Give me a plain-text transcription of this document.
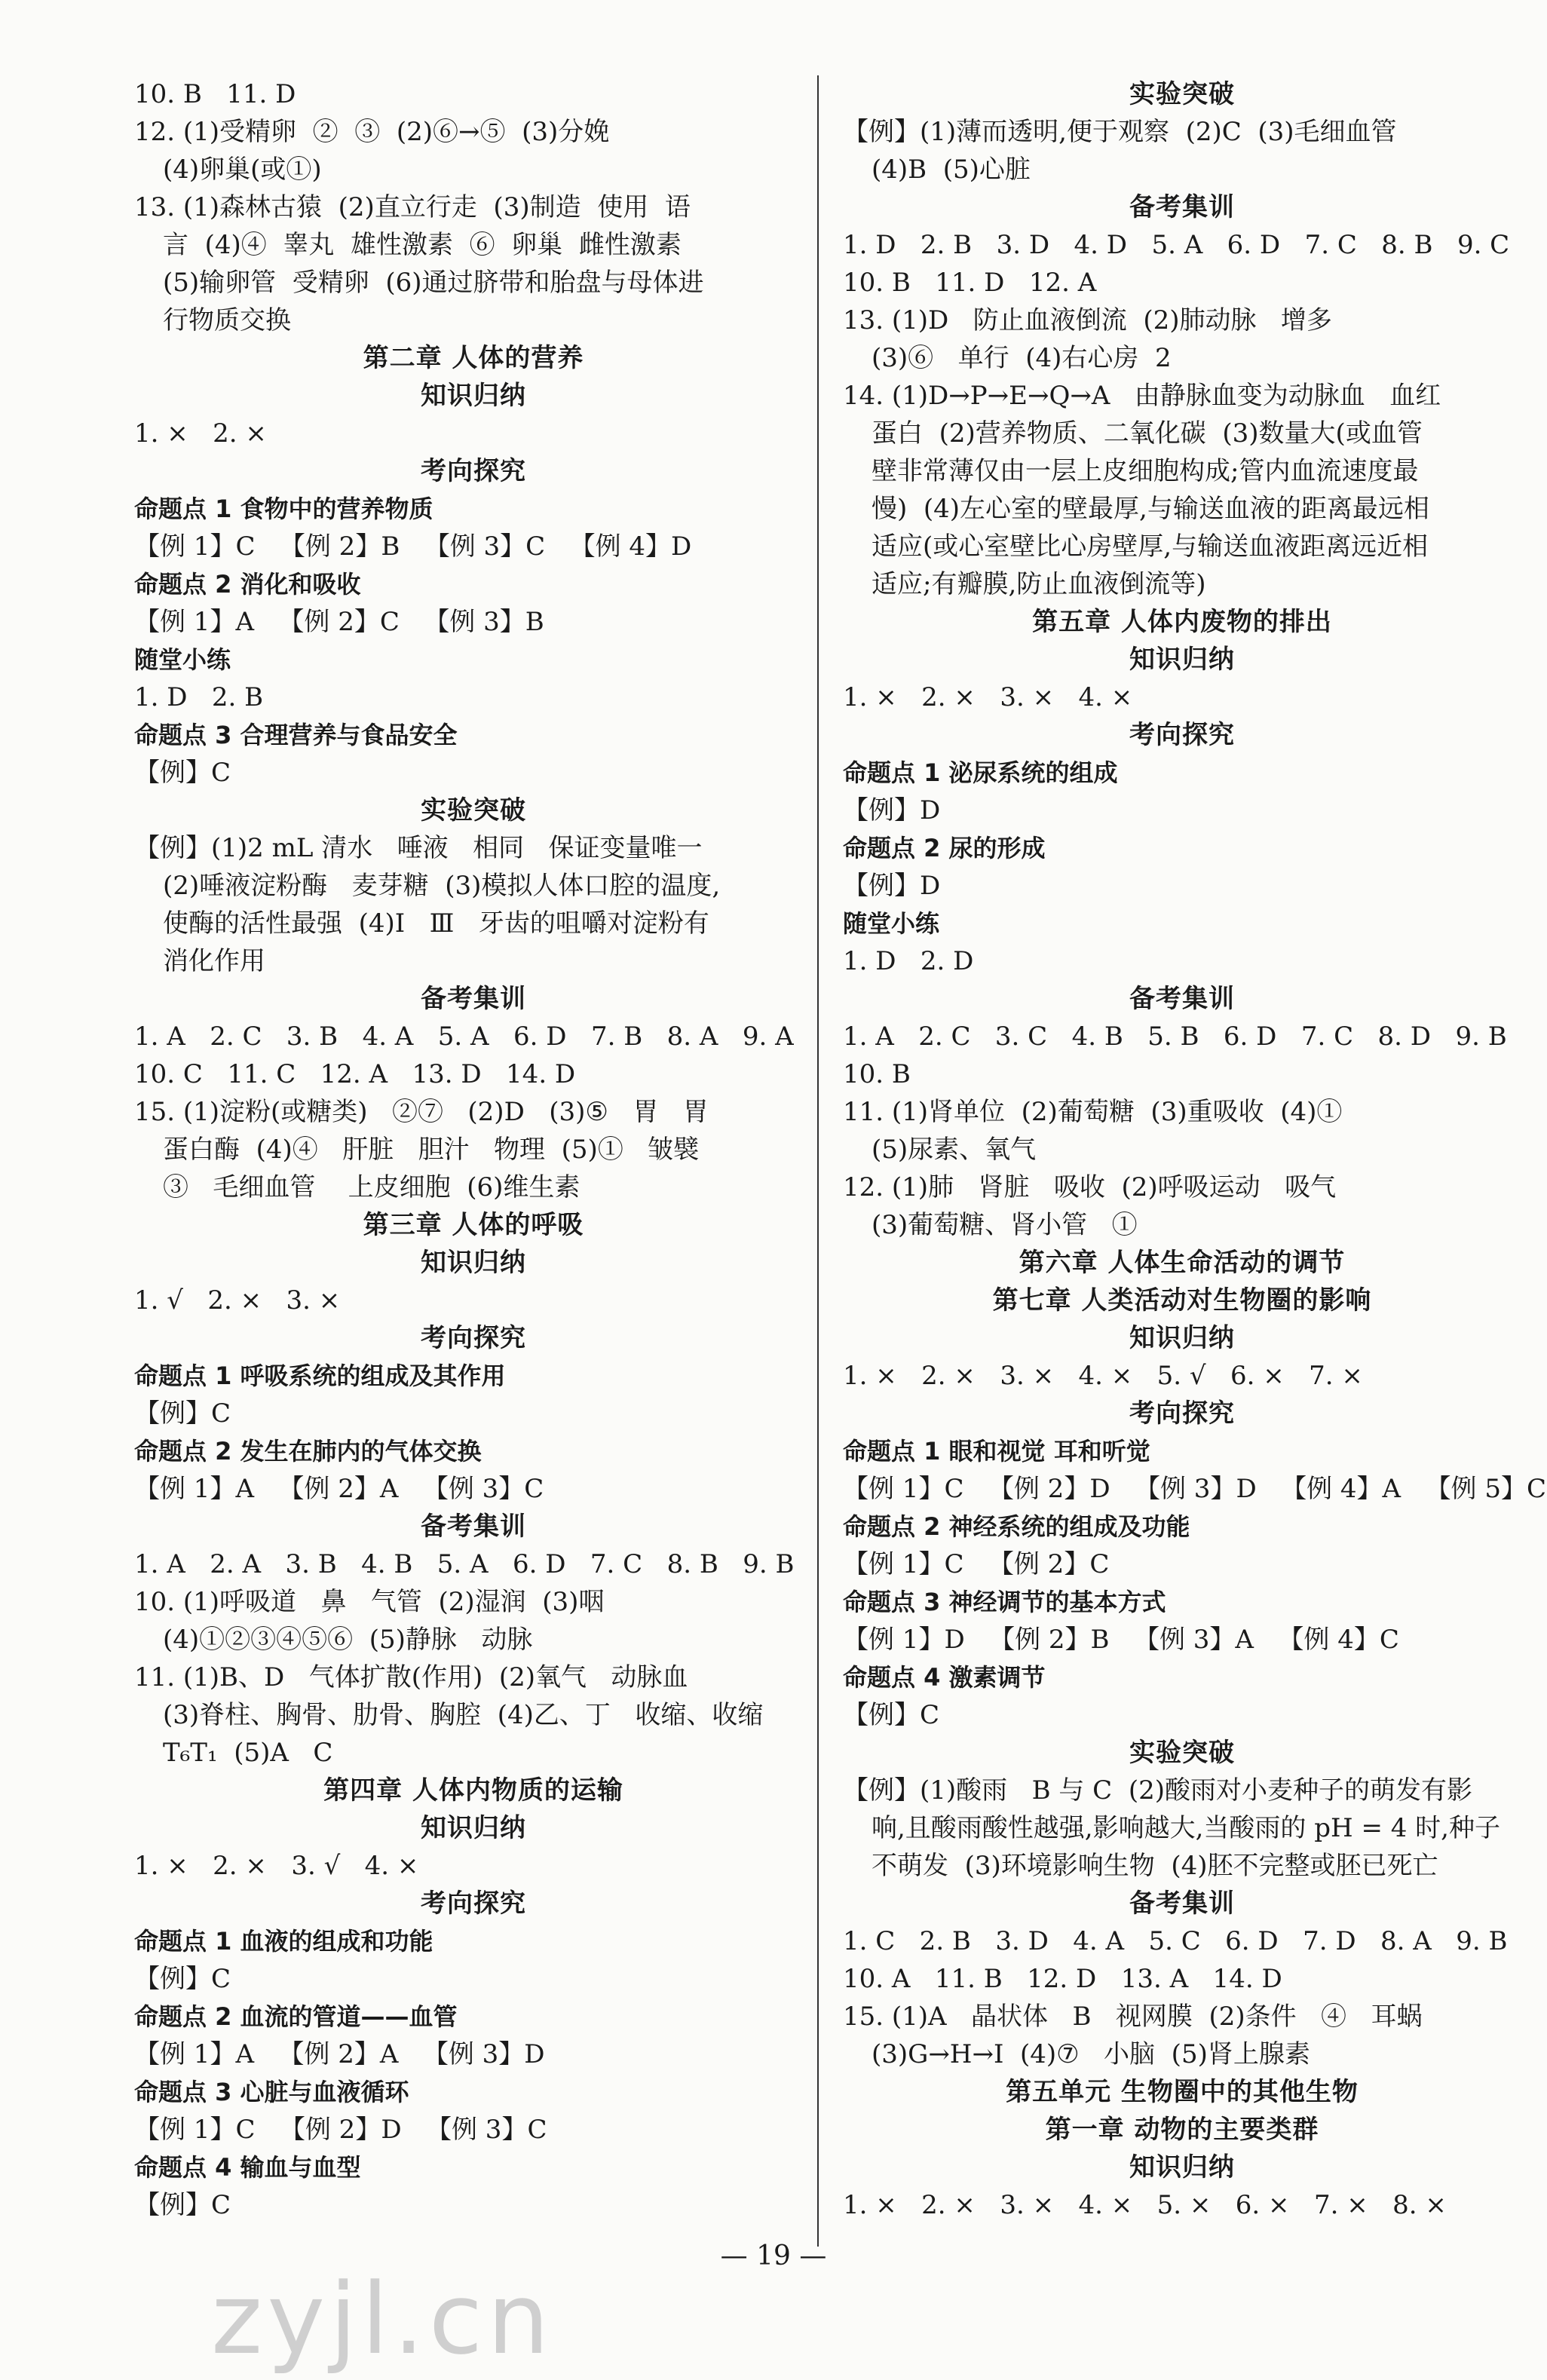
10. B   11. D
12. (1)受精卵  ②  ③  (2)⑥→⑤  (3)分娩
(4)卵巢(或①)
13. (1)森林古猿  (2)直立行走  (3)制造  使用  语
言  (4)④  睾丸  雄性激素  ⑥  卵巢  雌性激素
(5)输卵管  受精卵  (6)通过脐带和胎盘与母体进
行物质交换
第二章 人体的营养
知识归纳
1. ×   2. ×
考向探究
命题点 1 食物中的营养物质
【例 1】C   【例 2】B   【例 3】C   【例 4】D
命题点 2 消化和吸收
【例 1】A   【例 2】C   【例 3】B
随堂小练
1. D   2. B
命题点 3 合理营养与食品安全
【例】C
实验突破
【例】(1)2 mL 清水   唾液   相同   保证变量唯一
(2)唾液淀粉酶   麦芽糖  (3)模拟人体口腔的温度,
使酶的活性最强  (4)Ⅰ   Ⅲ   牙齿的咀嚼对淀粉有
消化作用
备考集训
1. A   2. C   3. B   4. A   5. A   6. D   7. B   8. A   9. A
10. C   11. C   12. A   13. D   14. D
15. (1)淀粉(或糖类)   ②⑦   (2)D   (3)⑤   胃   胃
蛋白酶  (4)④   肝脏   胆汁   物理  (5)①   皱襞
③   毛细血管    上皮细胞  (6)维生素
第三章 人体的呼吸
知识归纳
1. √   2. ×   3. ×
考向探究
命题点 1 呼吸系统的组成及其作用
【例】C
命题点 2 发生在肺内的气体交换
【例 1】A   【例 2】A   【例 3】C
备考集训
1. A   2. A   3. B   4. B   5. A   6. D   7. C   8. B   9. B
10. (1)呼吸道   鼻   气管  (2)湿润  (3)咽
(4)①②③④⑤⑥  (5)静脉   动脉
11. (1)B、D   气体扩散(作用)  (2)氧气   动脉血
(3)脊柱、胸骨、肋骨、胸腔  (4)乙、丁   收缩、收缩
T₆T₁  (5)A   C
第四章 人体内物质的运输
知识归纳
1. ×   2. ×   3. √   4. ×
考向探究
命题点 1 血液的组成和功能
【例】C
命题点 2 血流的管道——血管
【例 1】A   【例 2】A   【例 3】D
命题点 3 心脏与血液循环
【例 1】C   【例 2】D   【例 3】C
命题点 4 输血与血型
【例】C
实验突破
【例】(1)薄而透明,便于观察  (2)C  (3)毛细血管
(4)B  (5)心脏
备考集训
1. D   2. B   3. D   4. D   5. A   6. D   7. C   8. B   9. C
10. B   11. D   12. A
13. (1)D   防止血液倒流  (2)肺动脉   增多
(3)⑥   单行  (4)右心房  2
14. (1)D→P→E→Q→A   由静脉血变为动脉血   血红
蛋白  (2)营养物质、二氧化碳  (3)数量大(或血管
壁非常薄仅由一层上皮细胞构成;管内血流速度最
慢)  (4)左心室的壁最厚,与输送血液的距离最远相
适应(或心室壁比心房壁厚,与输送血液距离远近相
适应;有瓣膜,防止血液倒流等)
第五章 人体内废物的排出
知识归纳
1. ×   2. ×   3. ×   4. ×
考向探究
命题点 1 泌尿系统的组成
【例】D
命题点 2 尿的形成
【例】D
随堂小练
1. D   2. D
备考集训
1. A   2. C   3. C   4. B   5. B   6. D   7. C   8. D   9. B
10. B
11. (1)肾单位  (2)葡萄糖  (3)重吸收  (4)①
(5)尿素、氧气
12. (1)肺   肾脏   吸收  (2)呼吸运动   吸气
(3)葡萄糖、肾小管   ①
第六章 人体生命活动的调节
第七章 人类活动对生物圈的影响
知识归纳
1. ×   2. ×   3. ×   4. ×   5. √   6. ×   7. ×
考向探究
命题点 1 眼和视觉 耳和听觉
【例 1】C   【例 2】D   【例 3】D   【例 4】A   【例 5】C
命题点 2 神经系统的组成及功能
【例 1】C   【例 2】C
命题点 3 神经调节的基本方式
【例 1】D   【例 2】B   【例 3】A   【例 4】C
命题点 4 激素调节
【例】C
实验突破
【例】(1)酸雨   B 与 C  (2)酸雨对小麦种子的萌发有影
响,且酸雨酸性越强,影响越大,当酸雨的 pH = 4 时,种子
不萌发  (3)环境影响生物  (4)胚不完整或胚已死亡
备考集训
1. C   2. B   3. D   4. A   5. C   6. D   7. D   8. A   9. B
10. A   11. B   12. D   13. A   14. D
15. (1)A   晶状体   B   视网膜  (2)条件   ④   耳蜗
(3)G→H→I  (4)⑦   小脑  (5)肾上腺素
第五单元 生物圈中的其他生物
第一章 动物的主要类群
知识归纳
1. ×   2. ×   3. ×   4. ×   5. ×   6. ×   7. ×   8. ×
— 19 —
zyjl.cn
